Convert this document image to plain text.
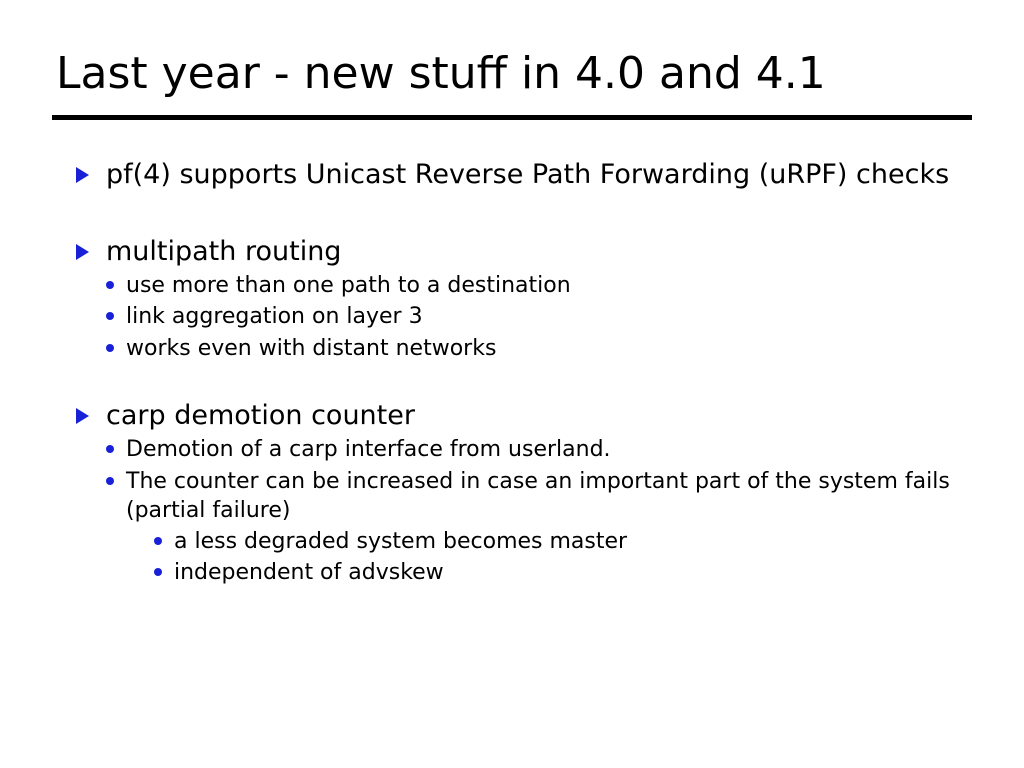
Last year - new stuff in 4.0 and 4.1
pf(4) supports Unicast Reverse Path Forwarding (uRPF) checks
multipath routing
use more than one path to a destination
link aggregation on layer 3
works even with distant networks
carp demotion counter
Demotion of a carp interface from userland.
The counter can be increased in case an important part of the system fails (partial failure)
a less degraded system becomes master
independent of advskew
